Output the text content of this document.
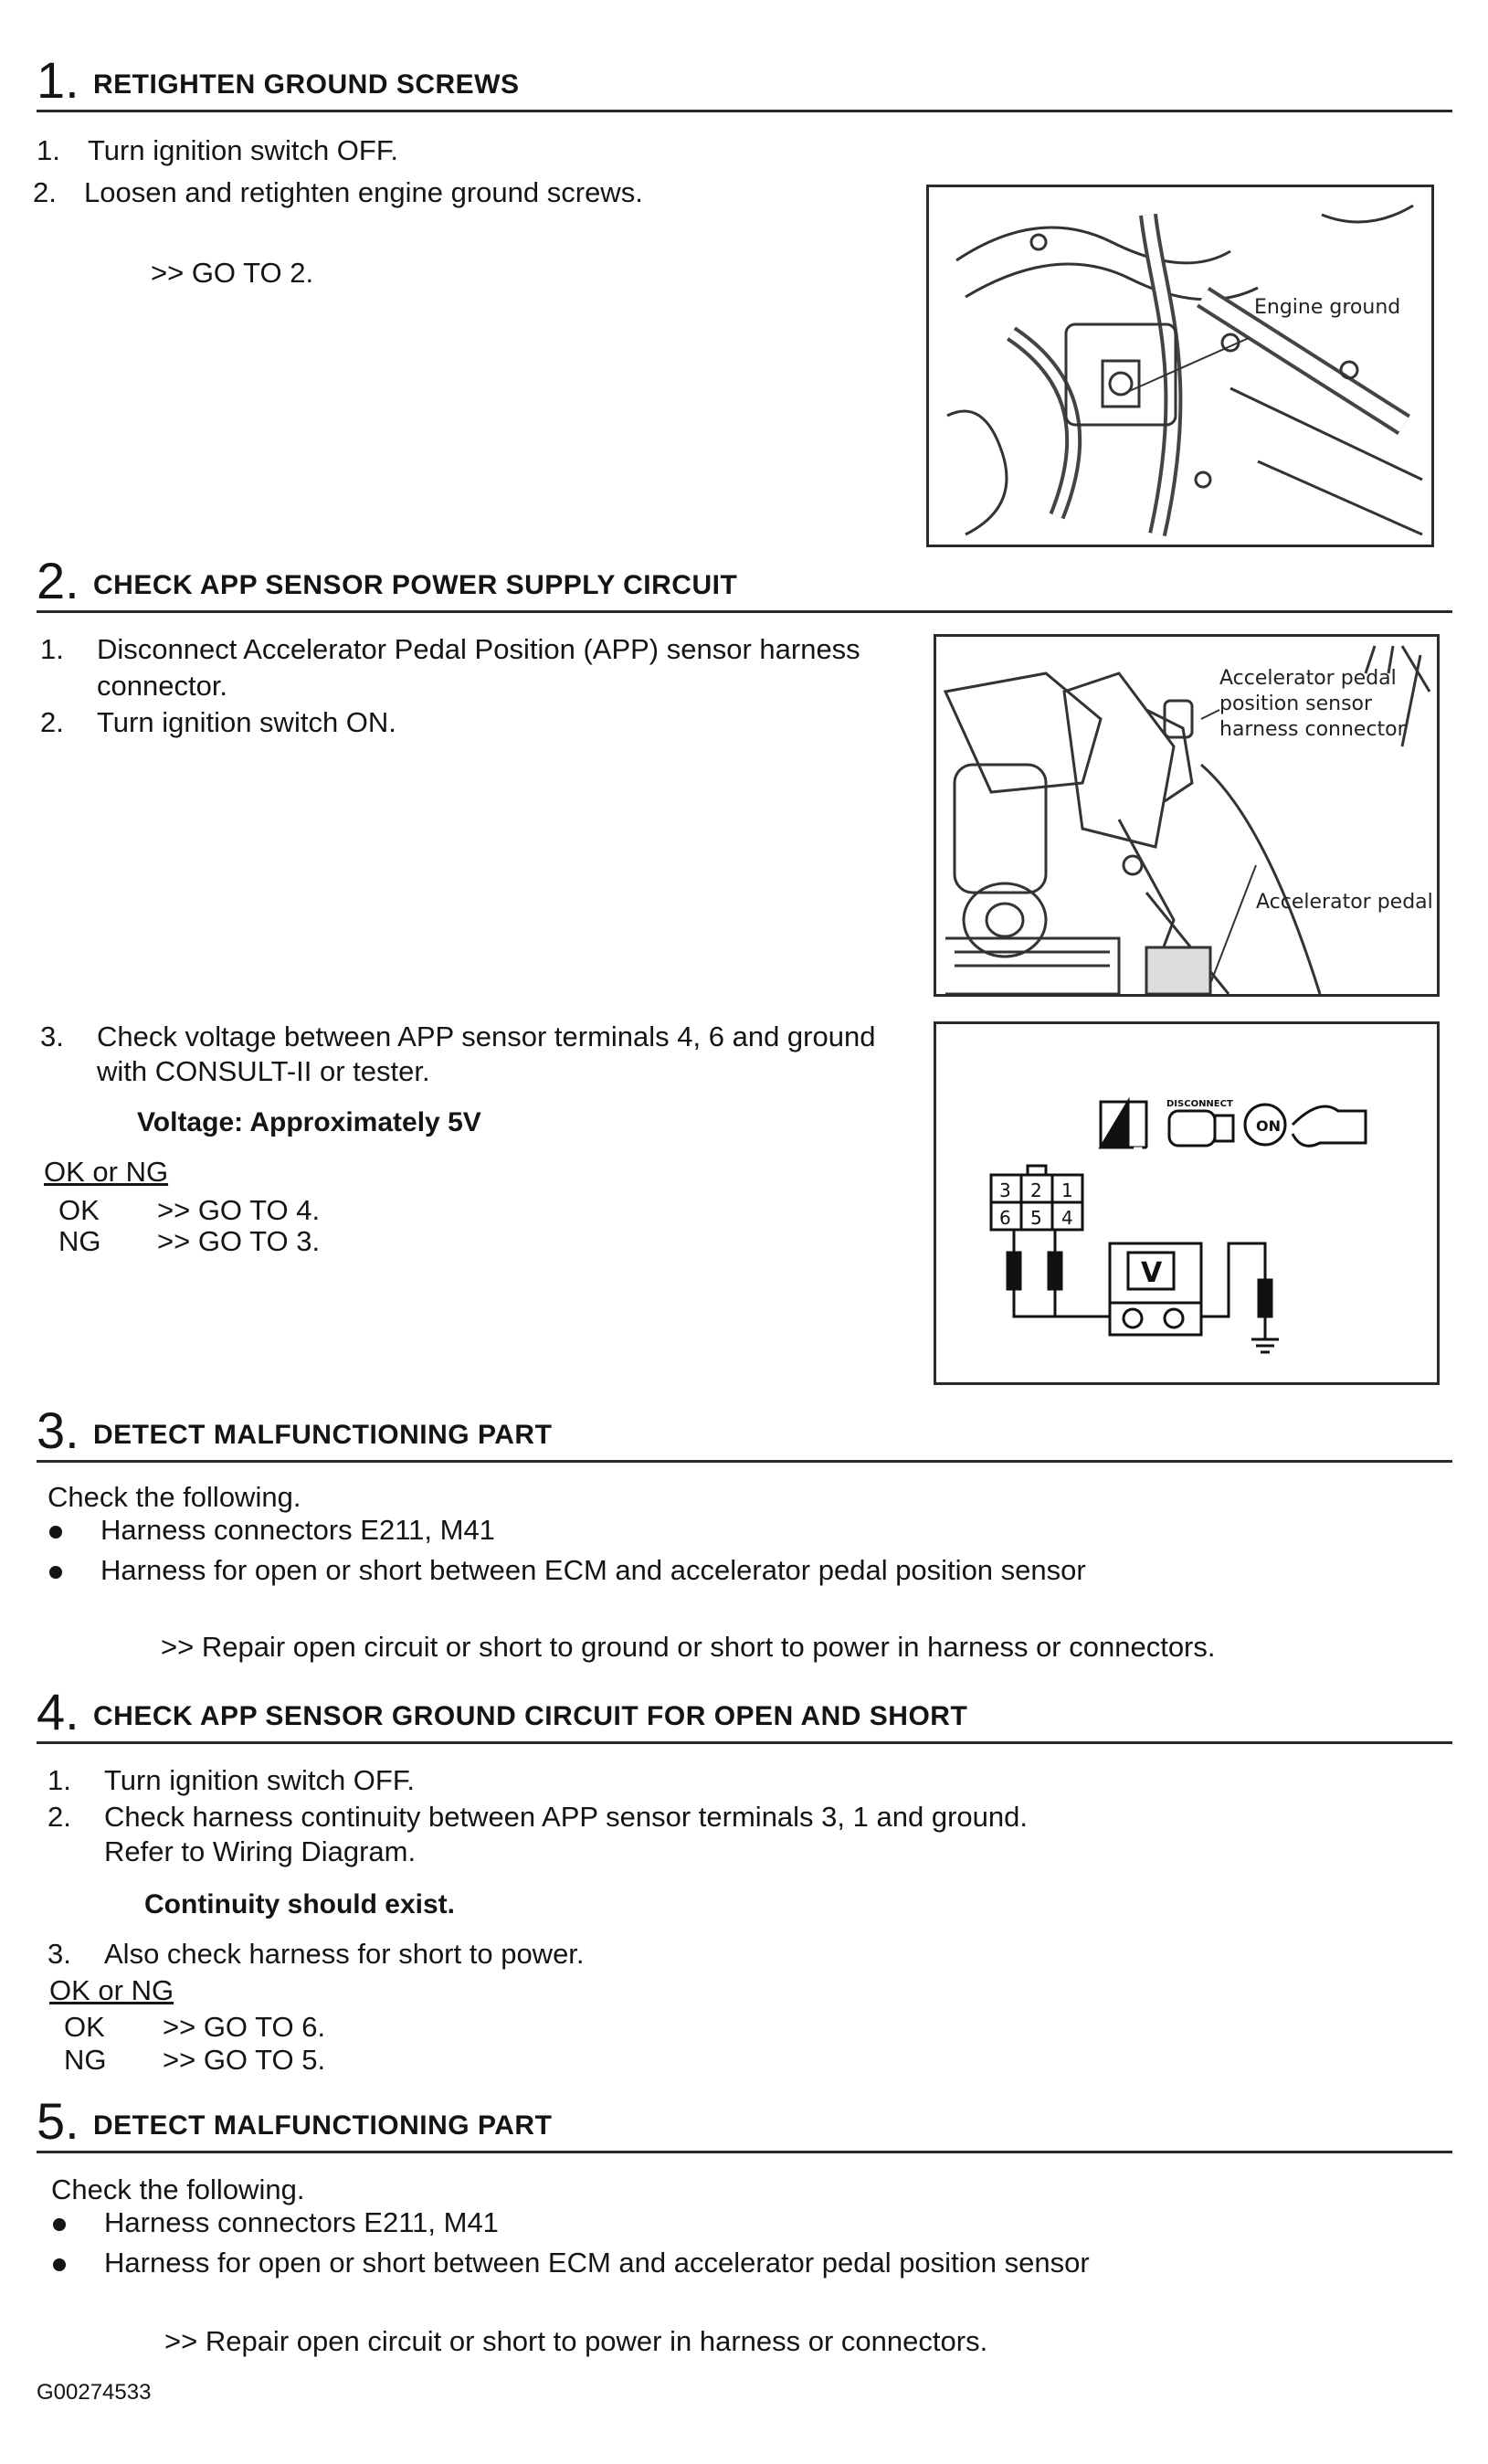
1. RETIGHTEN GROUND SCREWS
1. Turn ignition switch OFF.
2. Loosen and retighten engine ground screws.
>> GO TO 2.
Engine ground
2. CHECK APP SENSOR POWER SUPPLY CIRCUIT
1. Disconnect Accelerator Pedal Position (APP) sensor harness
connector.
2. Turn ignition switch ON.
Accelerator pedal
position sensor
harness connector
Accelerator pedal
3. Check voltage between APP sensor terminals 4, 6 and ground
with CONSULT-II or tester.
Voltage: Approximately 5V
OK or NG
OK >> GO TO 4.
NG >> GO TO 3.
T.S.
DISCONNECT
ON
3 2 1
6 5 4
V
3. DETECT MALFUNCTIONING PART
Check the following.
Harness connectors E211, M41
Harness for open or short between ECM and accelerator pedal position sensor
>> Repair open circuit or short to ground or short to power in harness or connectors.
4. CHECK APP SENSOR GROUND CIRCUIT FOR OPEN AND SHORT
1. Turn ignition switch OFF.
2. Check harness continuity between APP sensor terminals 3, 1 and ground.
Refer to Wiring Diagram.
Continuity should exist.
3. Also check harness for short to power.
OK or NG
OK >> GO TO 6.
NG >> GO TO 5.
5. DETECT MALFUNCTIONING PART
Check the following.
Harness connectors E211, M41
Harness for open or short between ECM and accelerator pedal position sensor
>> Repair open circuit or short to power in harness or connectors.
G00274533
